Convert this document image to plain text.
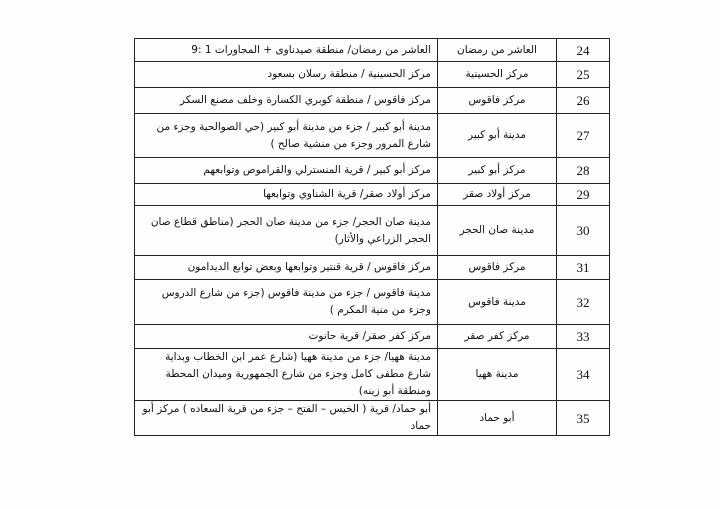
24	العاشر من رمضان	العاشر من رمضان/ منطقة صيدناوى + المجاورات 1 :9
25	مركز الحسينية	مركز الحسينية / منطقة رسلان بسعود
26	مركز فاقوس	مركز فاقوس / منطقة كوبري الكسارة وخلف مصنع السكر
27	مدينة أبو كبير	مدينة أبو كبير / جزء من مدينة أبو كبير (حي الصوالحية وجزء من شارع المرور وجزء من منشية صالح )
28	مركز أبو كبير	مركز أبو كبير / قرية المنسترلي والقراموص وتوابعهم
29	مركز أولاد صقر	مركز أولاد صقر/ قرية الشناوي وتوابعها
30	مدينة صان الحجر	مدينة صان الحجر/ جزء من مدينة صان الحجر (مناطق قطاع صان الحجر الزراعي والأثار)
31	مركز فاقوس	مركز فاقوس / قرية قنتير وتوابعها وبعض توابع الديدامون
32	مدينة فاقوس	مدينة فاقوس / جزء من مدينة فاقوس (جزء من شارع الدروس وجزء من منية المكرم )
33	مركز كفر صقر	مركز كفر صقر/ قرية حانوت
34	مدينة ههيا	مدينة ههيا/ جزء من مدينة ههيا (شارع عمر ابن الخطاب وبداية شارع مطفى كامل وجزء من شارع الجمهورية وميدان المحطة ومنطقة أبو زينه)
35	أبو حماد	أبو حماد/ قرية ( الخيس – الفتح – جزء من قرية السعاده ) مركز أبو حماد
